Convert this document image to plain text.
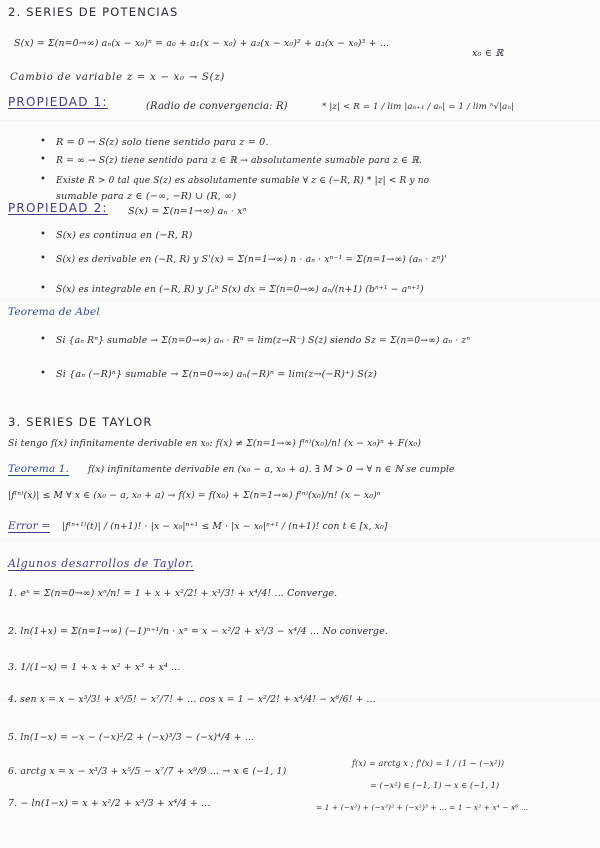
2. SERIES DE POTENCIAS
S(x) = Σ(n=0→∞) aₙ(x − x₀)ⁿ = a₀ + a₁(x − x₀) + a₂(x − x₀)² + a₃(x − x₀)³ + …
x₀ ∈ ℝ
Cambio de variable z = x − x₀ → S(z)
PROPIEDAD 1:	(Radio de convergencia: R)	* |z| < R = 1 / lim |aₙ₊₁ / aₙ| = 1 / lim ⁿ√|aₙ|
• R = 0 → S(z) solo tiene sentido para z = 0.
• R = ∞ → S(z) tiene sentido para z ∈ ℝ → absolutamente sumable para z ∈ ℝ.
• Existe R > 0 tal que S(z) es absolutamente sumable ∀ z ∈ (−R, R) * |z| < R y no
sumable para z ∈ (−∞, −R) ∪ (R, ∞)
PROPIEDAD 2: S(x) = Σ(n=1→∞) aₙ · xⁿ
• S(x) es continua en (−R, R)
• S(x) es derivable en (−R, R) y S'(x) = Σ(n=1→∞) n · aₙ · xⁿ⁻¹ = Σ(n=1→∞) (aₙ · zⁿ)'
• S(x) es integrable en (−R, R) y ∫ₐᵇ S(x) dx = Σ(n=0→∞) aₙ/(n+1) (bⁿ⁺¹ − aⁿ⁺¹)
Teorema de Abel
• Si {aₙ Rⁿ} sumable → Σ(n=0→∞) aₙ · Rⁿ = lim(z→R⁻) S(z) siendo Sz = Σ(n=0→∞) aₙ · zⁿ
• Si {aₙ (−R)ⁿ} sumable → Σ(n=0→∞) aₙ(−R)ⁿ = lim(z→(−R)⁺) S(z)
3. SERIES DE TAYLOR
Si tengo f(x) infinitamente derivable en x₀: f(x) ≠ Σ(n=1→∞) f⁽ⁿ⁾(x₀)/n! (x − x₀)ⁿ + F(x₀)
Teorema 1. f(x) infinitamente derivable en (x₀ − a, x₀ + a). ∃ M > 0 → ∀ n ∈ ℕ se cumple
|f⁽ⁿ⁾(x)| ≤ M ∀ x ∈ (x₀ − a, x₀ + a) → f(x) = f(x₀) + Σ(n=1→∞) f⁽ⁿ⁾(x₀)/n! (x − x₀)ⁿ
Error = |f⁽ⁿ⁺¹⁾(t)| / (n+1)! · |x − x₀|ⁿ⁺¹ ≤ M · |x − x₀|ⁿ⁺¹ / (n+1)! con t ∈ [x, x₀]
Algunos desarrollos de Taylor.
1. eˣ = Σ(n=0→∞) xⁿ/n! = 1 + x + x²/2! + x³/3! + x⁴/4! … Converge.
2. ln(1+x) = Σ(n=1→∞) (−1)ⁿ⁺¹/n · xⁿ = x − x²/2 + x³/3 − x⁴/4 … No converge.
3. 1/(1−x) = 1 + x + x² + x³ + x⁴ …
4. sen x = x − x³/3! + x⁵/5! − x⁷/7! + … cos x = 1 − x²/2! + x⁴/4! − x⁶/6! + …
5. ln(1−x) = −x − (−x)²/2 + (−x)³/3 − (−x)⁴/4 + …
6. arctg x = x − x³/3 + x⁵/5 − x⁷/7 + x⁹/9 … → x ∈ (−1, 1)
7. − ln(1−x) = x + x²/2 + x³/3 + x⁴/4 + …
f(x) = arctg x ; f'(x) = 1 / (1 − (−x²))
= (−x²) ∈ (−1, 1) → x ∈ (−1, 1)
= 1 + (−x²) + (−x²)² + (−x²)³ + … = 1 − x² + x⁴ − x⁶ …
